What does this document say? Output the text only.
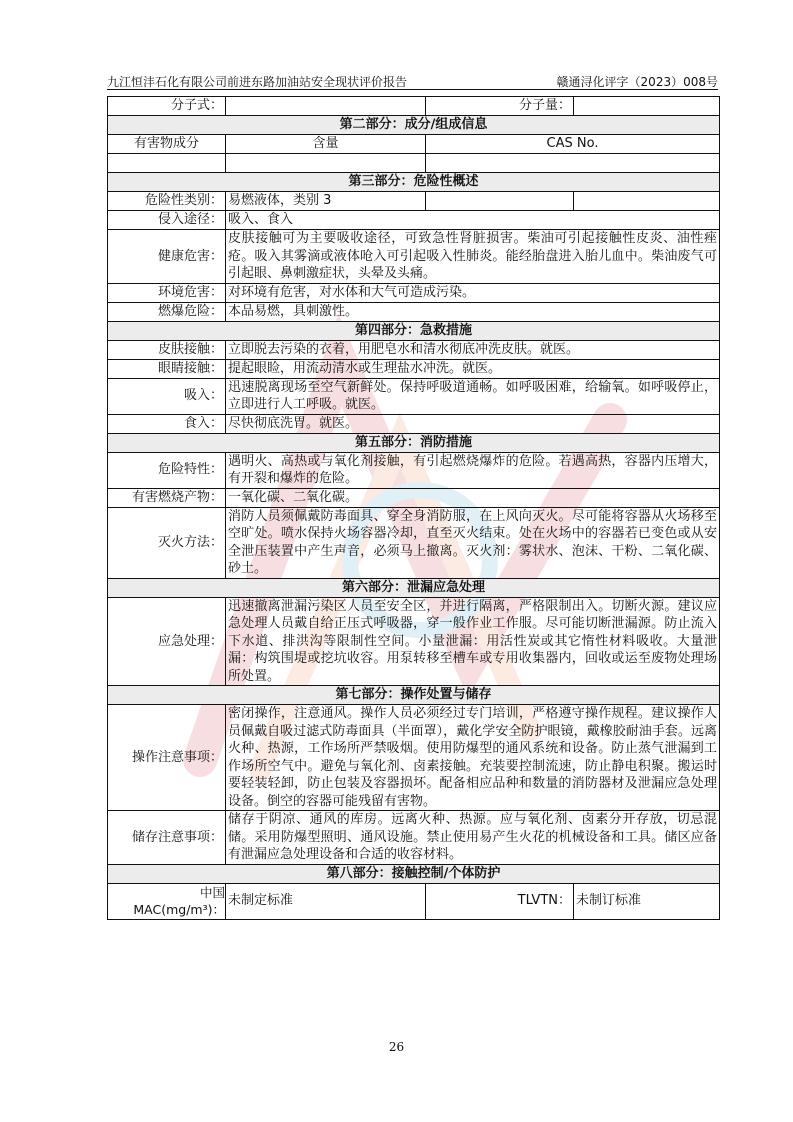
九江恒沣石化有限公司前进东路加油站安全现状评价报告	赣通浔化评字（2023）008号
分子式：		分子量：	
第二部分：成分/组成信息			
有害物成分	含量	CAS No.	

第三部分：危险性概述			
危险性类别：	易燃液体，类别 3		
侵入途径：	吸入、食入		
健康危害：	皮肤接触可为主要吸收途径，可致急性肾脏损害。柴油可引起接触性皮炎、油性痤疮。吸入其雾滴或液体呛入可引起吸入性肺炎。能经胎盘进入胎儿血中。柴油废气可引起眼、鼻刺激症状，头晕及头痛。		
环境危害：	对环境有危害，对水体和大气可造成污染。		
燃爆危险：	本品易燃，具刺激性。		
第四部分：急救措施			
皮肤接触：	立即脱去污染的衣着，用肥皂水和清水彻底冲洗皮肤。就医。		
眼睛接触：	提起眼睑，用流动清水或生理盐水冲洗。就医。		
吸入：	迅速脱离现场至空气新鲜处。保持呼吸道通畅。如呼吸困难，给输氧。如呼吸停止，立即进行人工呼吸。就医。		
食入：	尽快彻底洗胃。就医。		
第五部分：消防措施			
危险特性：	遇明火、高热或与氧化剂接触，有引起燃烧爆炸的危险。若遇高热，容器内压增大，有开裂和爆炸的危险。		
有害燃烧产物：	一氧化碳、二氧化碳。		
灭火方法：	消防人员须佩戴防毒面具、穿全身消防服，在上风向灭火。尽可能将容器从火场移至空旷处。喷水保持火场容器冷却，直至灭火结束。处在火场中的容器若已变色或从安全泄压装置中产生声音，必须马上撤离。灭火剂：雾状水、泡沫、干粉、二氧化碳、砂土。		
第六部分：泄漏应急处理			
应急处理：	迅速撤离泄漏污染区人员至安全区，并进行隔离，严格限制出入。切断火源。建议应急处理人员戴自给正压式呼吸器，穿一般作业工作服。尽可能切断泄漏源。防止流入下水道、排洪沟等限制性空间。小量泄漏：用活性炭或其它惰性材料吸收。大量泄漏：构筑围堤或挖坑收容。用泵转移至槽车或专用收集器内，回收或运至废物处理场所处置。		
第七部分：操作处置与储存			
操作注意事项：	密闭操作，注意通风。操作人员必须经过专门培训，严格遵守操作规程。建议操作人员佩戴自吸过滤式防毒面具（半面罩），戴化学安全防护眼镜，戴橡胶耐油手套。远离火种、热源，工作场所严禁吸烟。使用防爆型的通风系统和设备。防止蒸气泄漏到工作场所空气中。避免与氧化剂、卤素接触。充装要控制流速，防止静电积聚。搬运时要轻装轻卸，防止包装及容器损坏。配备相应品种和数量的消防器材及泄漏应急处理设备。倒空的容器可能残留有害物。		
储存注意事项：	储存于阴凉、通风的库房。远离火种、热源。应与氧化剂、卤素分开存放，切忌混储。采用防爆型照明、通风设施。禁止使用易产生火花的机械设备和工具。储区应备有泄漏应急处理设备和合适的收容材料。		
第八部分：接触控制/个体防护			
中国 MAC(mg/m³)：	未制定标准	TLVTN：	未制订标准
26
